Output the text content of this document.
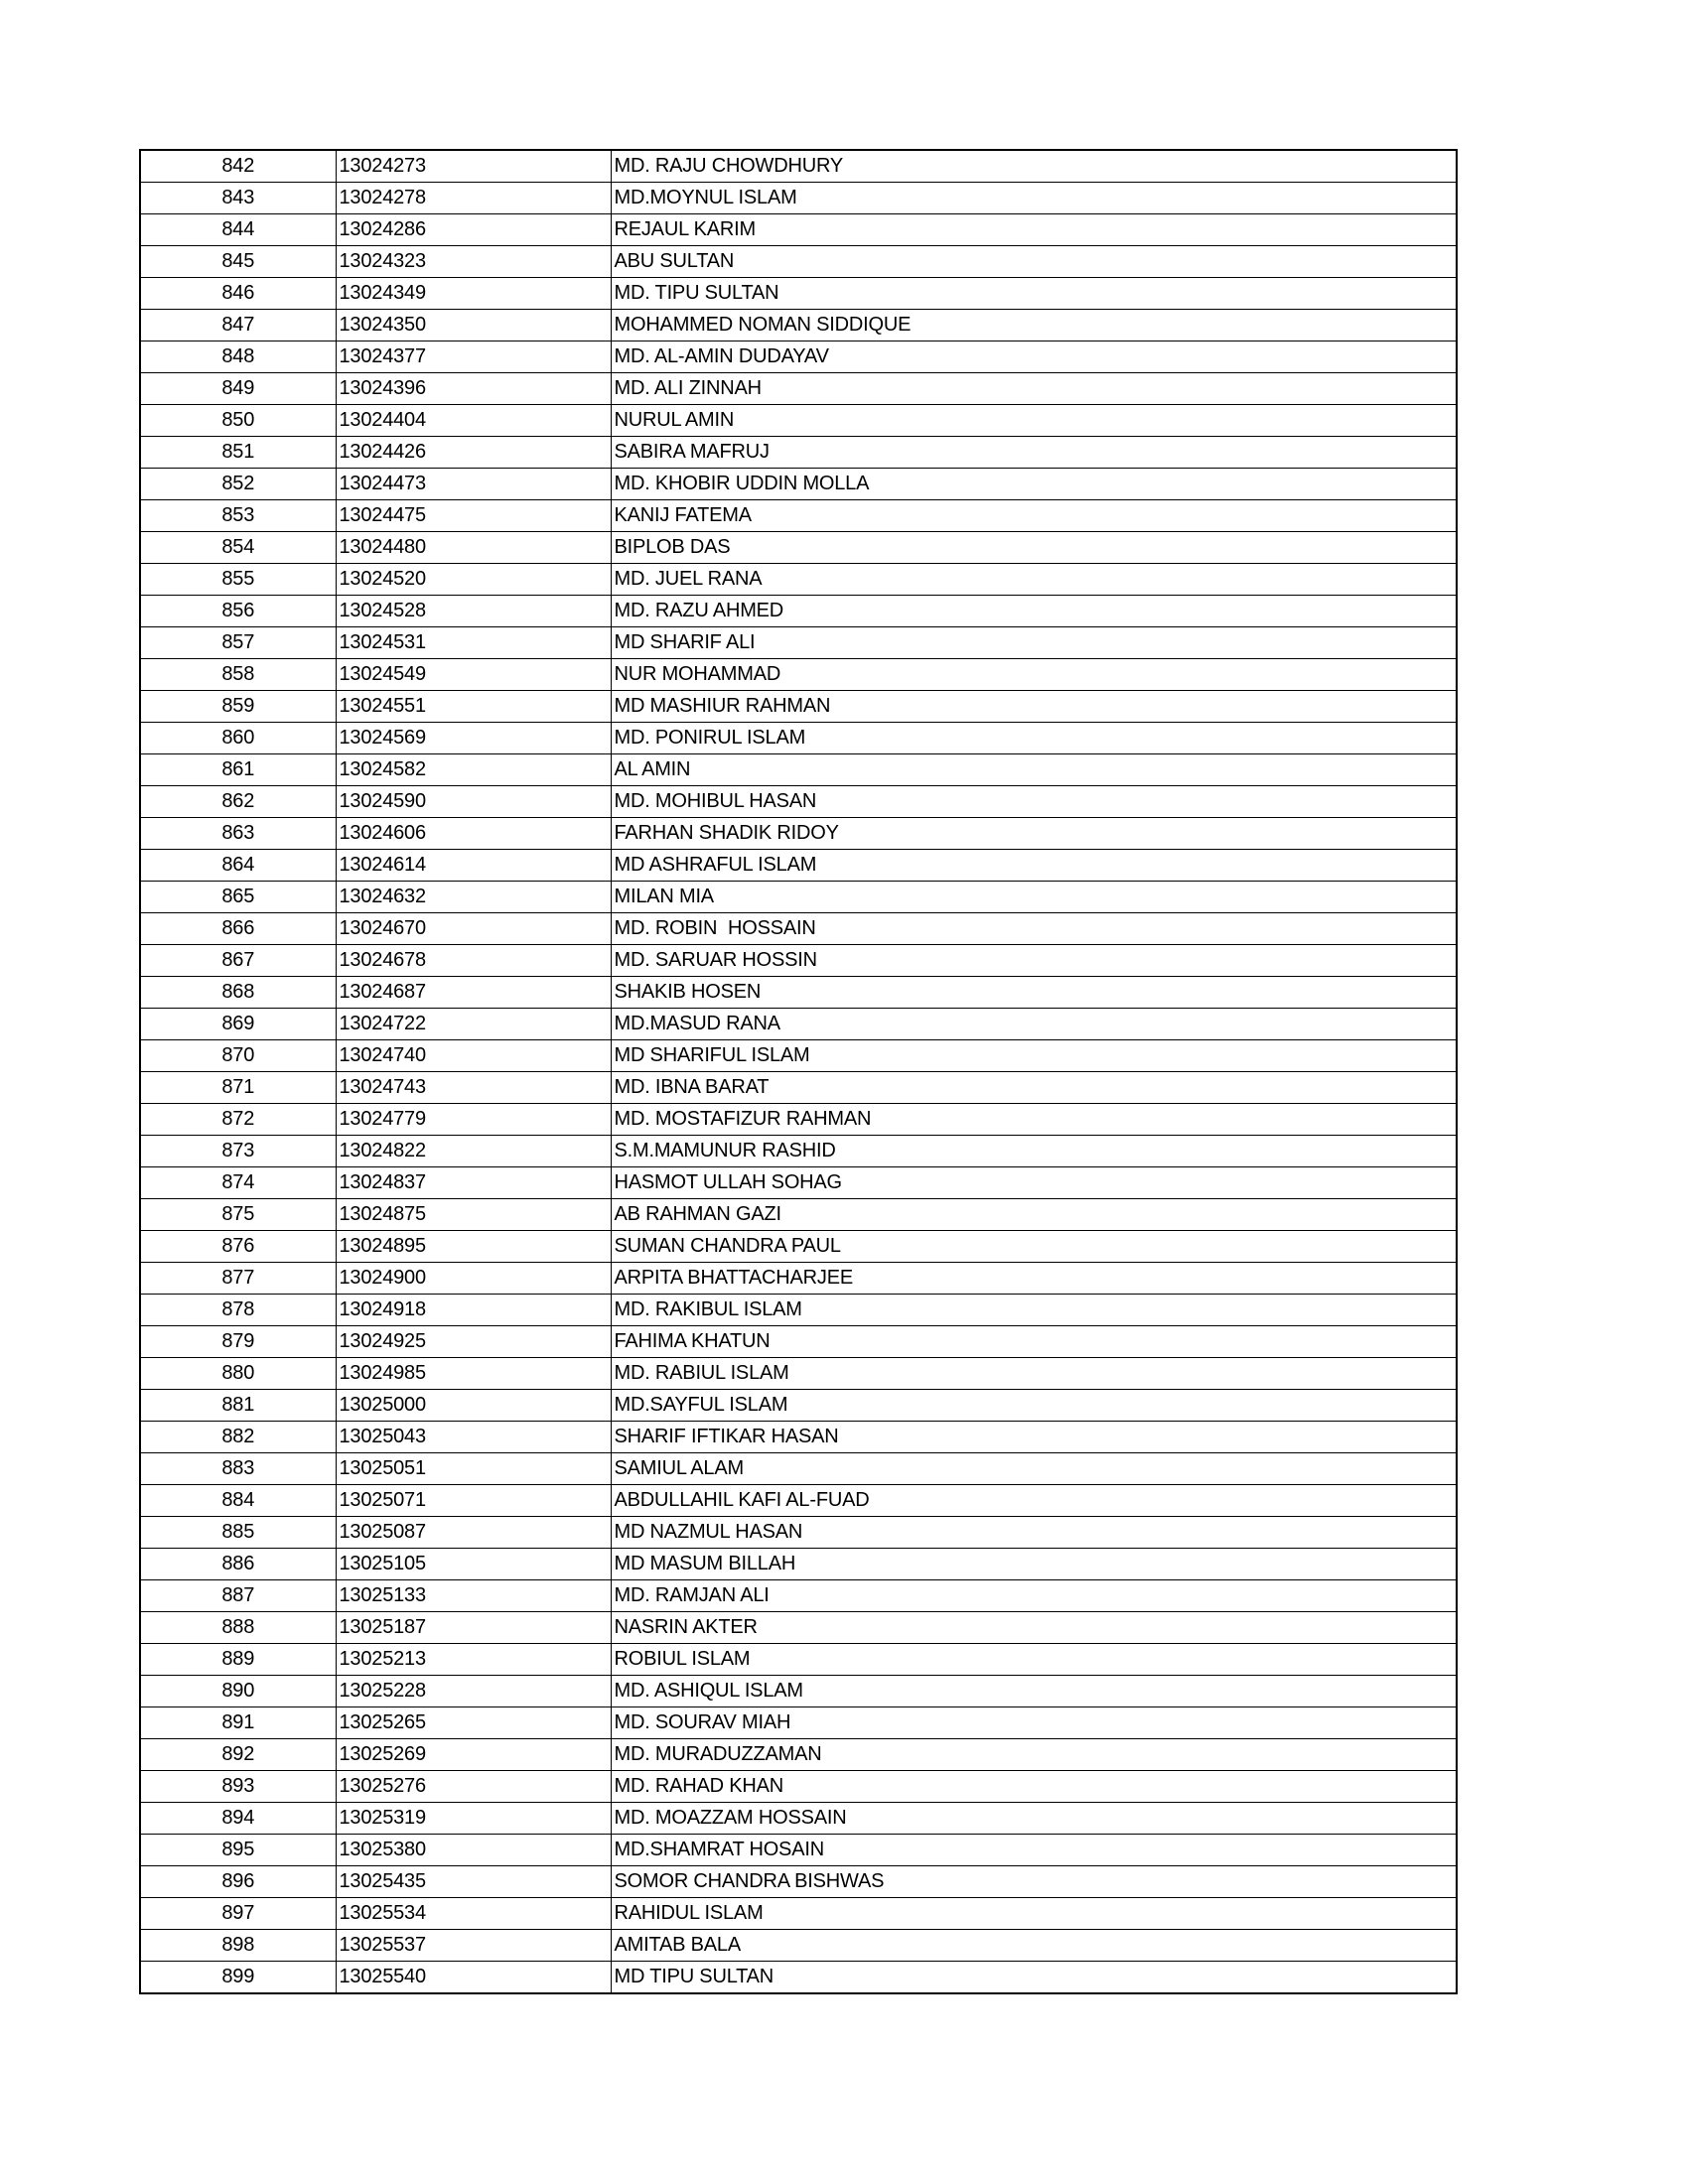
842	13024273	MD. RAJU CHOWDHURY
843	13024278	MD.MOYNUL ISLAM
844	13024286	REJAUL KARIM
845	13024323	ABU SULTAN
846	13024349	MD. TIPU SULTAN
847	13024350	MOHAMMED NOMAN SIDDIQUE
848	13024377	MD. AL-AMIN DUDAYAV
849	13024396	MD. ALI ZINNAH
850	13024404	NURUL AMIN
851	13024426	SABIRA MAFRUJ
852	13024473	MD. KHOBIR UDDIN MOLLA
853	13024475	KANIJ FATEMA
854	13024480	BIPLOB DAS
855	13024520	MD. JUEL RANA
856	13024528	MD. RAZU AHMED
857	13024531	MD SHARIF ALI
858	13024549	NUR MOHAMMAD
859	13024551	MD MASHIUR RAHMAN
860	13024569	MD. PONIRUL ISLAM
861	13024582	AL AMIN
862	13024590	MD. MOHIBUL HASAN
863	13024606	FARHAN SHADIK RIDOY
864	13024614	MD ASHRAFUL ISLAM
865	13024632	MILAN MIA
866	13024670	MD. ROBIN  HOSSAIN
867	13024678	MD. SARUAR HOSSIN
868	13024687	SHAKIB HOSEN
869	13024722	MD.MASUD RANA
870	13024740	MD SHARIFUL ISLAM
871	13024743	MD. IBNA BARAT
872	13024779	MD. MOSTAFIZUR RAHMAN
873	13024822	S.M.MAMUNUR RASHID
874	13024837	HASMOT ULLAH SOHAG
875	13024875	AB RAHMAN GAZI
876	13024895	SUMAN CHANDRA PAUL
877	13024900	ARPITA BHATTACHARJEE
878	13024918	MD. RAKIBUL ISLAM
879	13024925	FAHIMA KHATUN
880	13024985	MD. RABIUL ISLAM
881	13025000	MD.SAYFUL ISLAM
882	13025043	SHARIF IFTIKAR HASAN
883	13025051	SAMIUL ALAM
884	13025071	ABDULLAHIL KAFI AL-FUAD
885	13025087	MD NAZMUL HASAN
886	13025105	MD MASUM BILLAH
887	13025133	MD. RAMJAN ALI
888	13025187	NASRIN AKTER
889	13025213	ROBIUL ISLAM
890	13025228	MD. ASHIQUL ISLAM
891	13025265	MD. SOURAV MIAH
892	13025269	MD. MURADUZZAMAN
893	13025276	MD. RAHAD KHAN
894	13025319	MD. MOAZZAM HOSSAIN
895	13025380	MD.SHAMRAT HOSAIN
896	13025435	SOMOR CHANDRA BISHWAS
897	13025534	RAHIDUL ISLAM
898	13025537	AMITAB BALA
899	13025540	MD TIPU SULTAN
